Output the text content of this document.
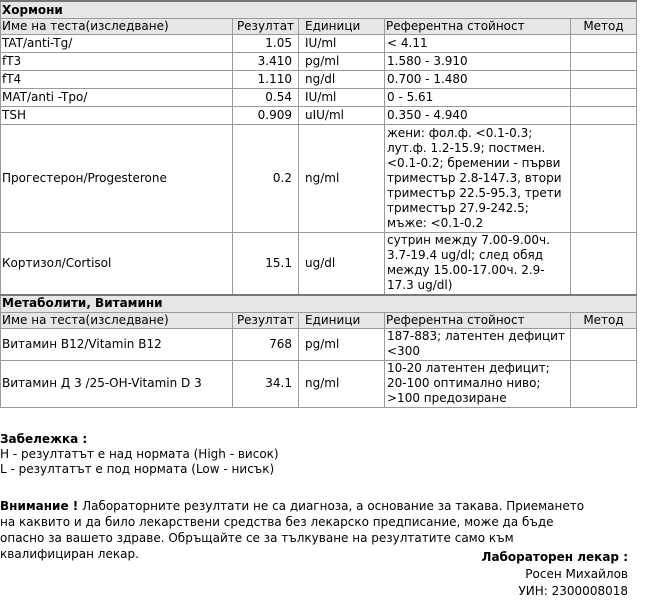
Хормони				
Име на теста(изследване)	Резултат	Единици	Референтна стойност	Метод
TAT/anti-Tg/	1.05	IU/ml	< 4.11	
fT3	3.410	pg/ml	1.580 - 3.910	
fT4	1.110	ng/dl	0.700 - 1.480	
MAT/anti -Tpo/	0.54	IU/ml	0 - 5.61	
TSH	0.909	uIU/ml	0.350 - 4.940	
Прогестерон/Progesterone	0.2	ng/ml	жени: фол.ф. <0.1-0.3; лут.ф. 1.2-15.9; постмен. <0.1-0.2; бремении - първи триместър 2.8-147.3, втори триместър 22.5-95.3, трети триместър 27.9-242.5; мъже: <0.1-0.2	
Кортизол/Cortisol	15.1	ug/dl	сутрин между 7.00-9.00ч. 3.7-19.4 ug/dl; след обяд между 15.00-17.00ч. 2.9-17.3 ug/dl)	
Метаболити, Витамини				
Име на теста(изследване)	Резултат	Единици	Референтна стойност	Метод
Витамин B12/Vitamin B12	768	pg/ml	187-883; латентен дефицит <300	
Витамин Д 3 /25-OH-Vitamin D 3	34.1	ng/ml	10-20 латентен дефицит; 20-100 оптимално ниво; >100 предозиране	
Забележка :
H - резултатът е над нормата (High - висок)
L - резултатът е под нормата (Low - нисък)
Внимание ! Лабораторните резултати не са диагноза, а основание за такава. Приемането на каквито и да било лекарствени средства без лекарско предписание, може да бъде опасно за вашето здраве. Обръщайте се за тълкуване на резултатите само към квалифициран лекар.	Лабораторен лекар :
Росен Михайлов
УИН: 2300008018
